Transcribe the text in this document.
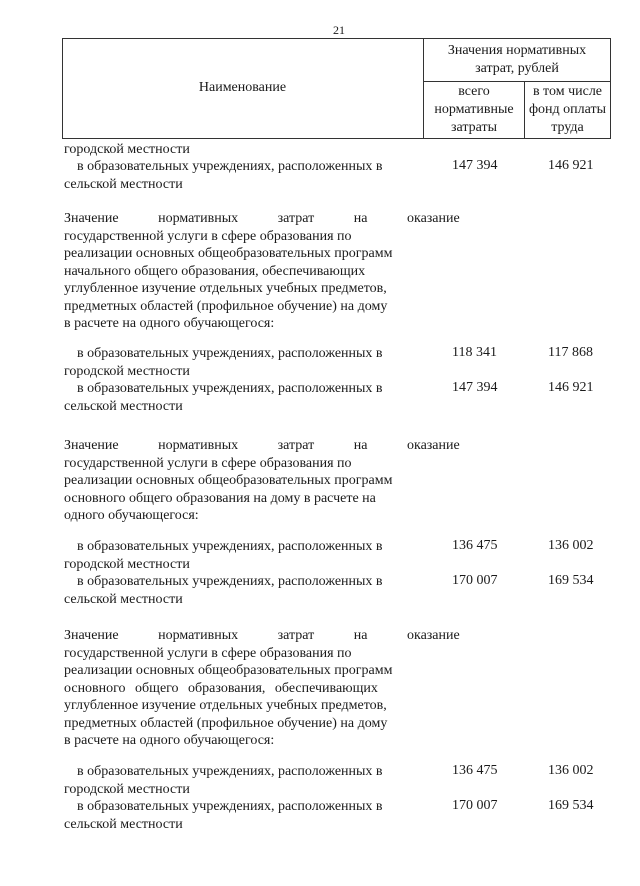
21
Наименование
Значения нормативных
затрат, рублей
всего
нормативные
затраты
в том числе
фонд оплаты
труда
городской местности
в образовательных учреждениях, расположенных в
сельской местности
147 394	146 921
Значение нормативных затрат на оказание
государственной услуги в сфере образования по
реализации основных общеобразовательных программ
начального общего образования, обеспечивающих
углубленное изучение отдельных учебных предметов,
предметных областей (профильное обучение) на дому
в расчете на одного обучающегося:
в образовательных учреждениях, расположенных в
городской местности
118 341	117 868
в образовательных учреждениях, расположенных в
сельской местности
147 394	146 921
Значение нормативных затрат на оказание
государственной услуги в сфере образования по
реализации основных общеобразовательных программ
основного общего образования на дому в расчете на
одного обучающегося:
в образовательных учреждениях, расположенных в
городской местности
136 475	136 002
в образовательных учреждениях, расположенных в
сельской местности
170 007	169 534
Значение нормативных затрат на оказание
государственной услуги в сфере образования по
реализации основных общеобразовательных программ
основного общего образования, обеспечивающих
углубленное изучение отдельных учебных предметов,
предметных областей (профильное обучение) на дому
в расчете на одного обучающегося:
в образовательных учреждениях, расположенных в
городской местности
136 475	136 002
в образовательных учреждениях, расположенных в
сельской местности
170 007	169 534
